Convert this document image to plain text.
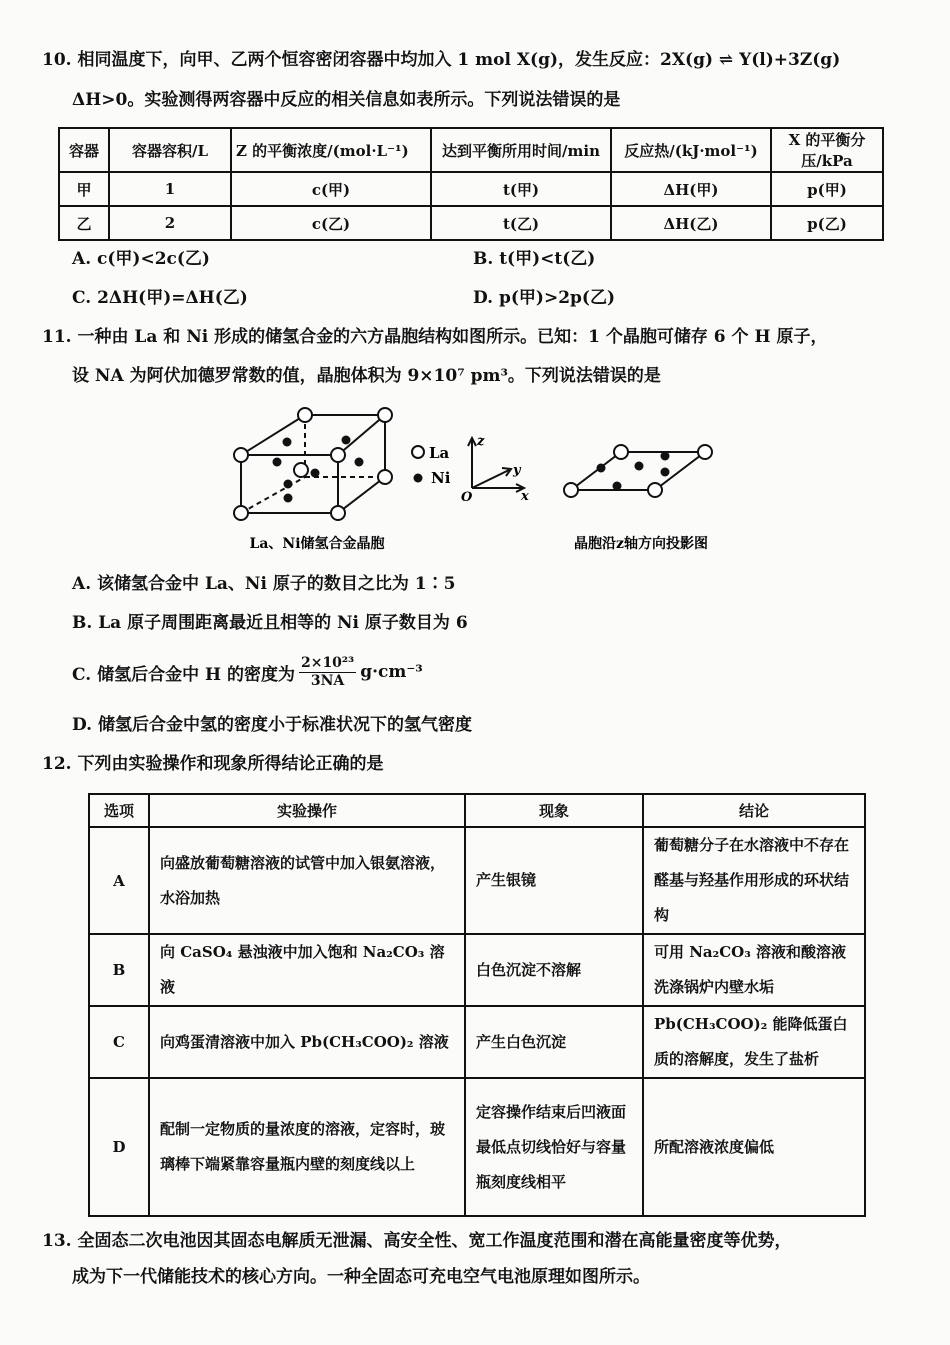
10. 相同温度下，向甲、乙两个恒容密闭容器中均加入 1 mol X(g)，发生反应：2X(g) ⇌ Y(l)+3Z(g)
ΔH>0。实验测得两容器中反应的相关信息如表所示。下列说法错误的是
容器	容器容积/L	Z 的平衡浓度/(mol·L⁻¹)	达到平衡所用时间/min	反应热/(kJ·mol⁻¹)	X 的平衡分压/kPa
甲	1	c(甲)	t(甲)	ΔH(甲)	p(甲)
乙	2	c(乙)	t(乙)	ΔH(乙)	p(乙)
A. c(甲)<2c(乙)	B. t(甲)<t(乙)
C. 2ΔH(甲)=ΔH(乙)	D. p(甲)>2p(乙)
11. 一种由 La 和 Ni 形成的储氢合金的六方晶胞结构如图所示。已知：1 个晶胞可储存 6 个 H 原子，
设 NA 为阿伏加德罗常数的值，晶胞体积为 9×10⁷ pm³。下列说法错误的是
La
Ni
z
y
x
O
La、Ni储氢合金晶胞	晶胞沿z轴方向投影图
A. 该储氢合金中 La、Ni 原子的数目之比为 1∶5
B. La 原子周围距离最近且相等的 Ni 原子数目为 6
C. 储氢后合金中 H 的密度为 $\frac{\text{2×10²³}}{3NA} g\cdot cm^{-3}$
D. 储氢后合金中氢的密度小于标准状况下的氢气密度
12. 下列由实验操作和现象所得结论正确的是
选项	实验操作	现象	结论
A	向盛放葡萄糖溶液的试管中加入银氨溶液，水浴加热	产生银镜	葡萄糖分子在水溶液中不存在醛基与羟基作用形成的环状结构
B	向 CaSO₄ 悬浊液中加入饱和 Na₂CO₃ 溶液	白色沉淀不溶解	可用 Na₂CO₃ 溶液和酸溶液洗涤锅炉内壁水垢
C	向鸡蛋清溶液中加入 Pb(CH₃COO)₂ 溶液	产生白色沉淀	Pb(CH₃COO)₂ 能降低蛋白质的溶解度，发生了盐析
D	配制一定物质的量浓度的溶液，定容时，玻璃棒下端紧靠容量瓶内壁的刻度线以上	定容操作结束后凹液面最低点切线恰好与容量瓶刻度线相平	所配溶液浓度偏低
13. 全固态二次电池因其固态电解质无泄漏、高安全性、宽工作温度范围和潜在高能量密度等优势，
成为下一代储能技术的核心方向。一种全固态可充电空气电池原理如图所示。
